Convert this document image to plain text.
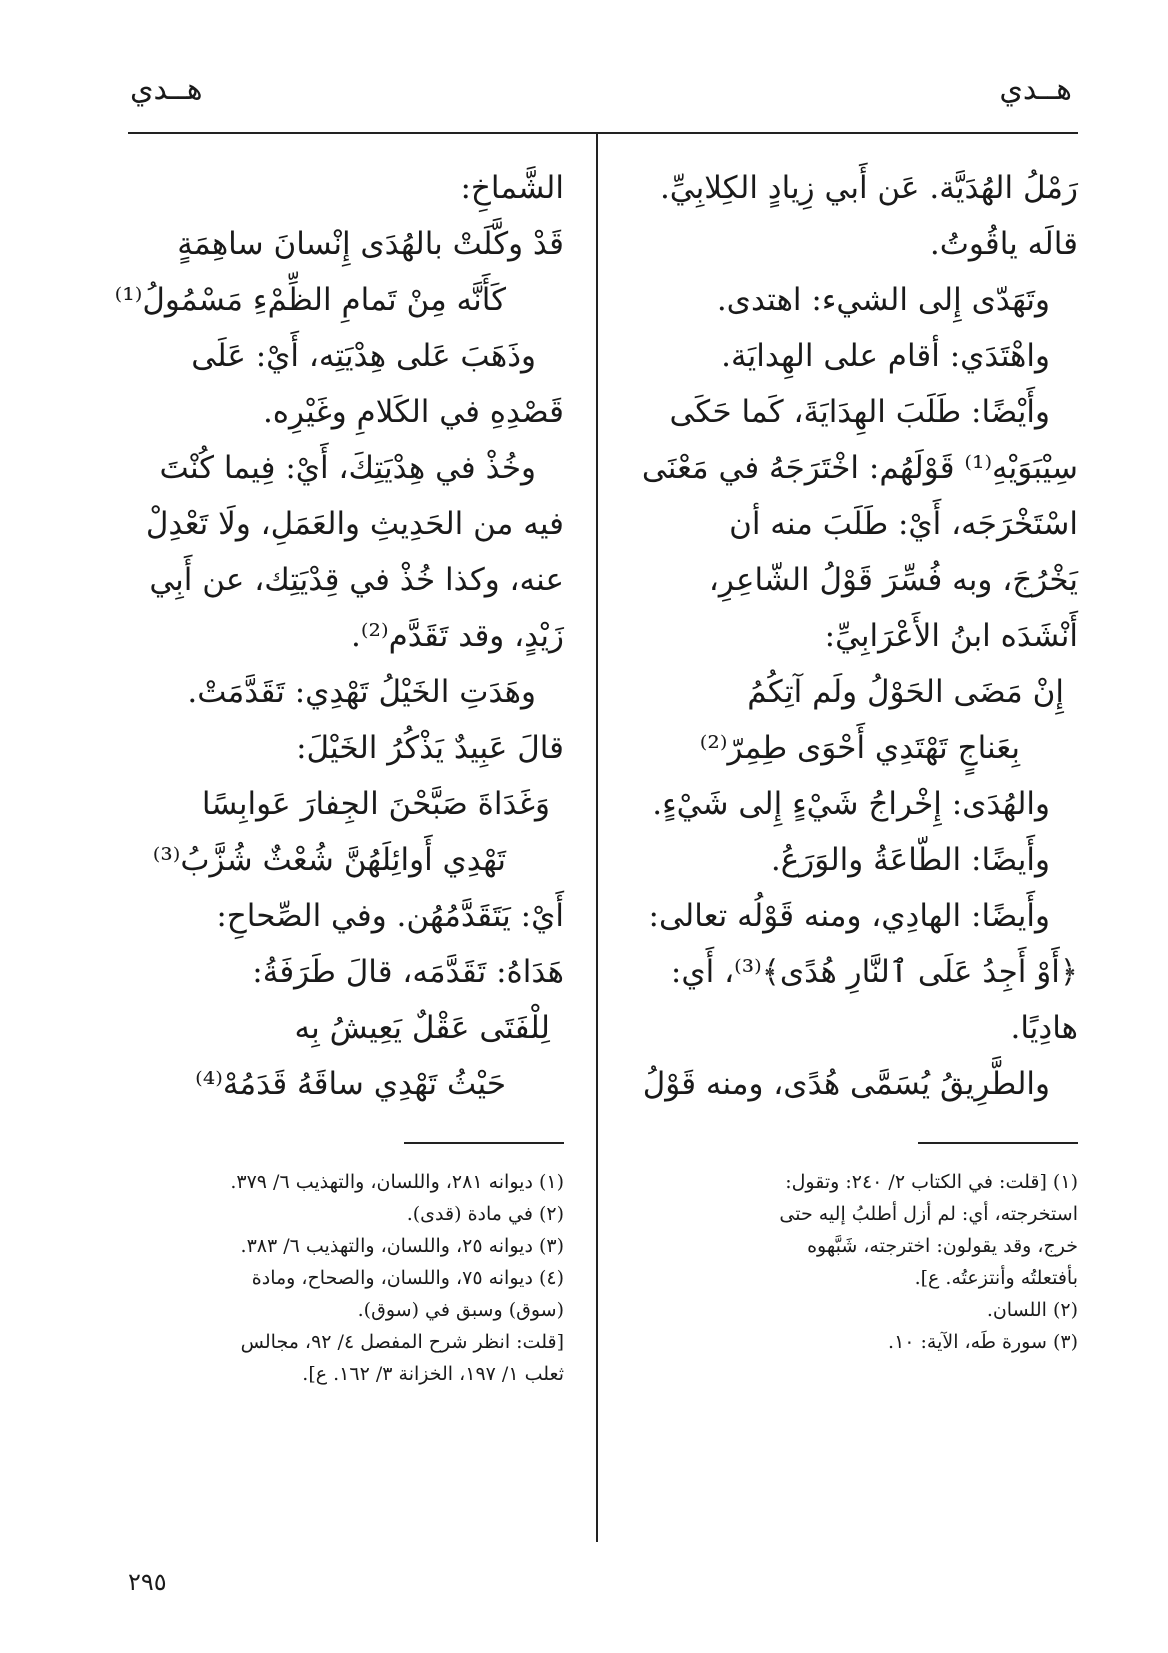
هــدي
هــدي
رَمْلُ الهُدَيَّة. عَن أَبي زِيادٍ الكِلابِيِّ.
قالَه ياقُوتُ.
وتَهَدّى إِلى الشيء: اهتدى.
واهْتَدَي: أقام على الهِدايَة.
وأَيْضًا: طَلَبَ الهِدَايَةَ، كَما حَكَى
سِيْبَوَيْهِ⁽¹⁾ قَوْلَهُم: اخْتَرَجَهُ في مَعْنَى
اسْتَخْرَجَه، أَيْ: طَلَبَ منه أن
يَخْرُجَ، وبه فُسِّرَ قَوْلُ الشّاعِرِ،
أَنْشَدَه ابنُ الأَعْرَابِيِّ:
إِنْ مَضَى الحَوْلُ ولَم آتِكُمُ
بِعَناجٍ تَهْتَدِي أَحْوَى طِمِرّ⁽²⁾
والهُدَى: إِخْراجُ شَيْءٍ إِلى شَيْءٍ.
وأَيضًا: الطّاعَةُ والوَرَعُ.
وأَيضًا: الهادِي، ومنه قَوْلُه تعالى:
﴿أَوْ أَجِدُ عَلَى ٱلنَّارِ هُدًى﴾⁽³⁾، أَي:
هادِيًا.
والطَّرِيقُ يُسَمَّى هُدًى، ومنه قَوْلُ
(١) [قلت: في الكتاب ٢/ ٢٤٠: وتقول:
استخرجته، أي: لم أزل أطلبُ إليه حتى
خرج، وقد يقولون: اخترجته، شَبَّهوه
بأفتعلتُه وأنتزعتُه. ع].
(٢) اللسان.
(٣) سورة طَه، الآية: ١٠.
الشَّماخِ:
قَدْ وكَّلَتْ بالهُدَى إِنْسانَ ساهِمَةٍ
كَأَنَّه مِنْ تَمامِ الظِّمْءِ مَسْمُولُ⁽¹⁾
وذَهَبَ عَلى هِدْيَتِه، أَيْ: عَلَى
قَصْدِهِ في الكَلامِ وغَيْرِه.
وخُذْ في هِدْيَتِكَ، أَيْ: فِيما كُنْتَ
فيه من الحَدِيثِ والعَمَلِ، ولَا تَعْدِلْ
عنه، وكذا خُذْ في قِدْيَتِك، عن أَبِي
زَيْدٍ، وقد تَقَدَّم⁽²⁾.
وهَدَتِ الخَيْلُ تَهْدِي: تَقَدَّمَتْ.
قالَ عَبِيدٌ يَذْكُرُ الخَيْلَ:
وَغَدَاةَ صَبَّحْنَ الجِفارَ عَوابِسًا
تَهْدِي أَوائِلَهُنَّ شُعْثٌ شُزَّبُ⁽³⁾
أَيْ: يَتَقَدَّمُهُن. وفي الصِّحاحِ:
هَدَاهُ: تَقَدَّمَه، قالَ طَرَفَةُ:
لِلْفَتَى عَقْلٌ يَعِيشُ بِه
حَيْثُ تَهْدِي ساقَهُ قَدَمُهْ⁽⁴⁾
(١) ديوانه ٢٨١، واللسان، والتهذيب ٦/ ٣٧٩.
(٢) في مادة (قدى).
(٣) ديوانه ٢٥، واللسان، والتهذيب ٦/ ٣٨٣.
(٤) ديوانه ٧٥، واللسان، والصحاح، ومادة
(سوق) وسبق في (سوق).
[قلت: انظر شرح المفصل ٤/ ٩٢، مجالس
ثعلب ١/ ١٩٧، الخزانة ٣/ ١٦٢. ع].
٢٩٥
